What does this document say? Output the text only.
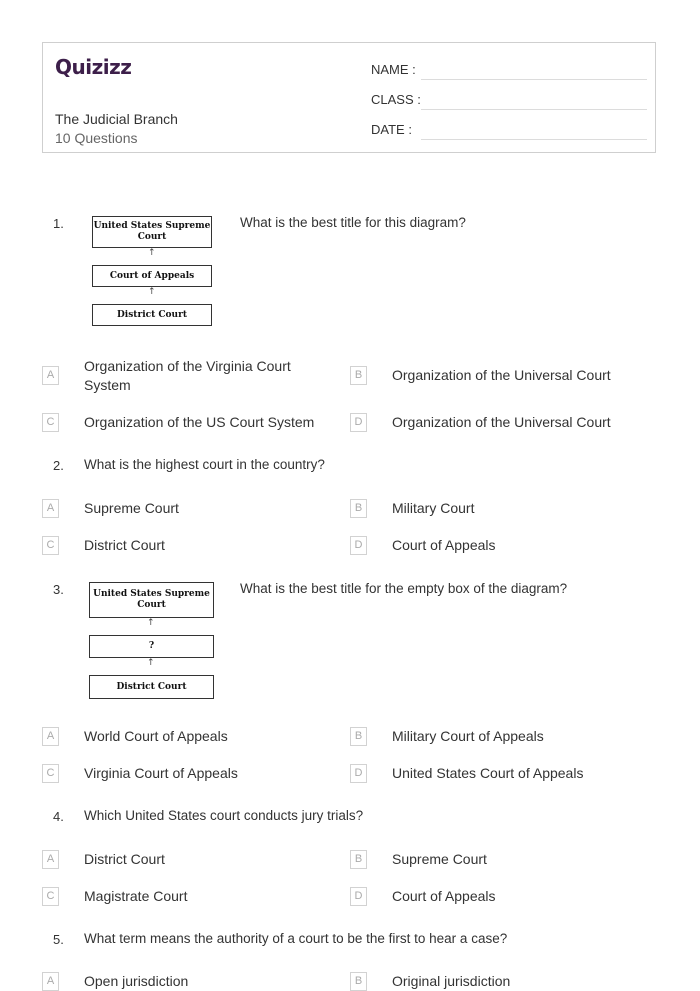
Quizizz
The Judicial Branch
10 Questions
NAME :
CLASS :
DATE :
1.	United States Supreme Court
↑
Court of Appeals
↑
District Court
What is the best title for this diagram?
A
Organization of the Virginia Court System
B	Organization of the Universal Court
C	Organization of the US Court System	D	Organization of the Universal Court
2. What is the highest court in the country?
A	Supreme Court	B	Military Court
C	District Court	D	Court of Appeals
3.	United States Supreme Court
↑
?
↑
District Court
What is the best title for the empty box of the diagram?
A	World Court of Appeals	B	Military Court of Appeals
C	Virginia Court of Appeals	D	United States Court of Appeals
4. Which United States court conducts jury trials?
A	District Court	B	Supreme Court
C	Magistrate Court	D	Court of Appeals
5. What term means the authority of a court to be the first to hear a case?
A	Open jurisdiction	B	Original jurisdiction
